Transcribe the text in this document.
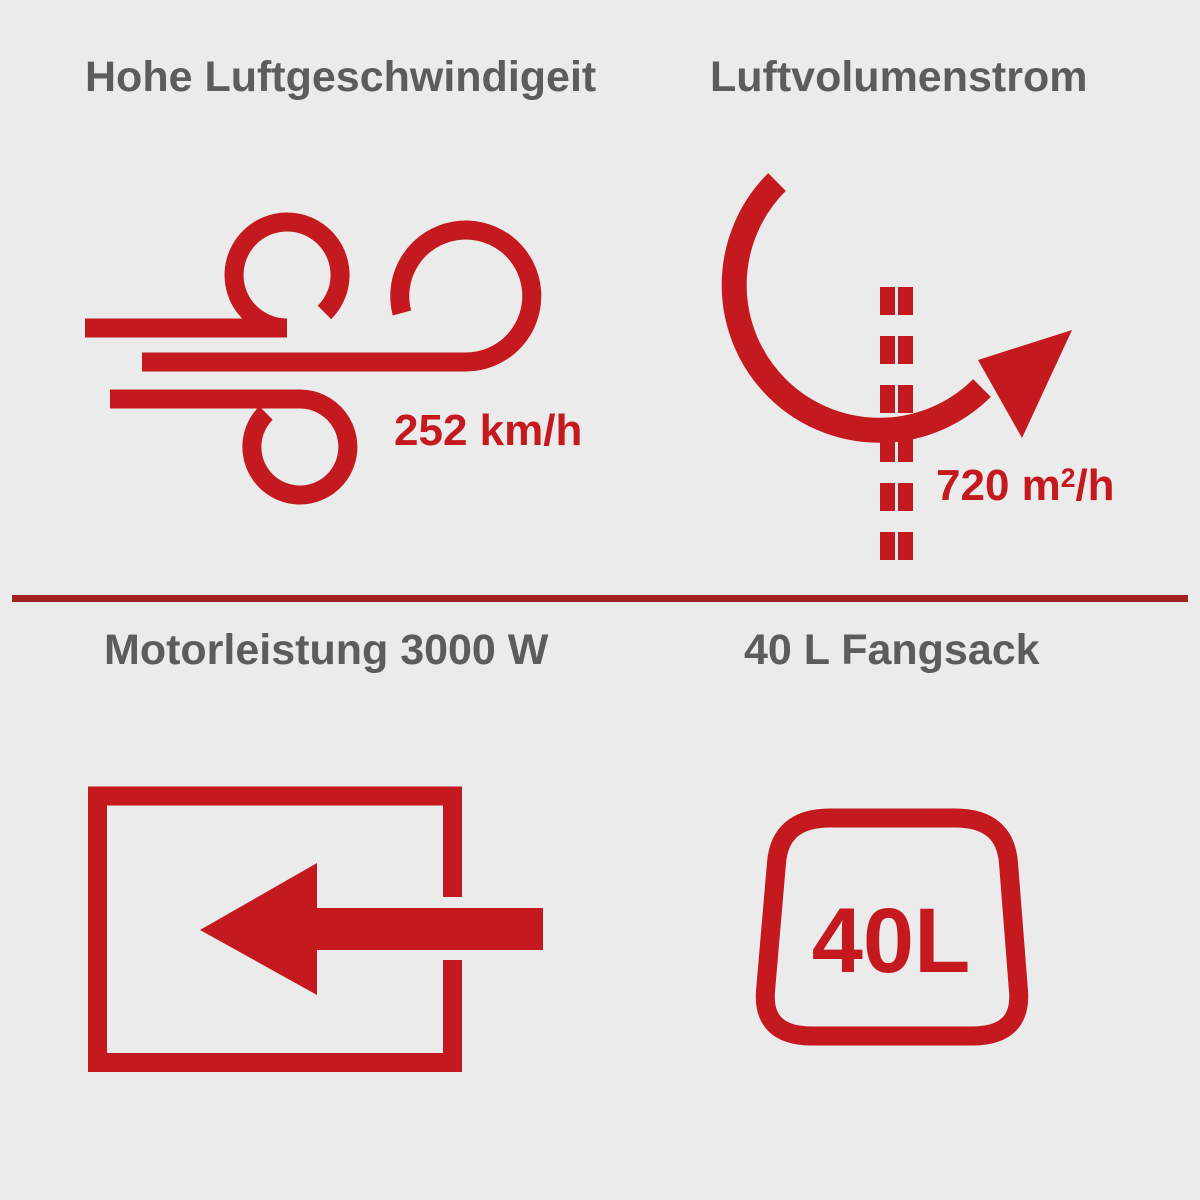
Hohe Luftgeschwindigeit	Luftvolumenstrom
Motorleistung 3000 W	40 L Fangsack
252 km/h
720 $m^2/h$
40L
